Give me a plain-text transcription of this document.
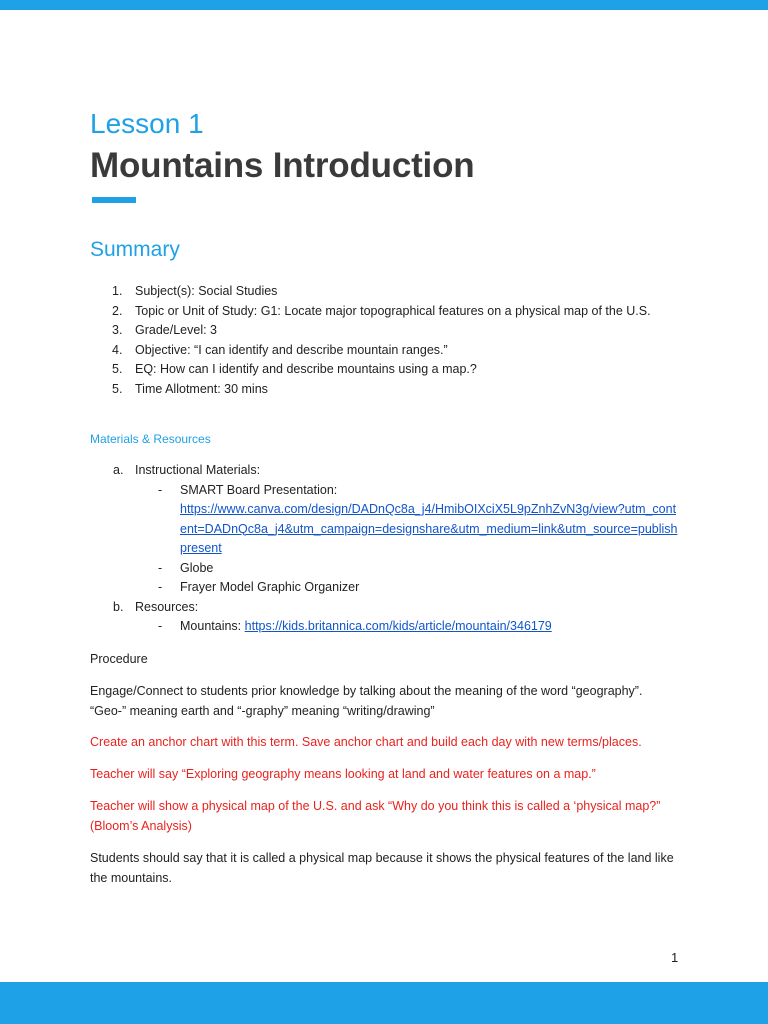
Lesson 1
Mountains Introduction
Summary
1. Subject(s): Social Studies
2. Topic or Unit of Study: G1: Locate major topographical features on a physical map of the U.S.
3. Grade/Level: 3
4. Objective: “I can identify and describe mountain ranges.”
5. EQ: How can I identify and describe mountains using a map.?
5. Time Allotment: 30 mins
Materials & Resources
a. Instructional Materials:
- SMART Board Presentation:
https://www.canva.com/design/DADnQc8a_j4/HmibOIXciX5L9pZnhZvN3g/view?utm_content=DADnQc8a_j4&utm_campaign=designshare&utm_medium=link&utm_source=publishpresent
- Globe
- Frayer Model Graphic Organizer
b. Resources:
- Mountains: https://kids.britannica.com/kids/article/mountain/346179
Procedure
Engage/Connect to students prior knowledge by talking about the meaning of the word “geography”. “Geo-” meaning earth and “-graphy” meaning “writing/drawing”
Create an anchor chart with this term. Save anchor chart and build each day with new terms/places.
Teacher will say “Exploring geography means looking at land and water features on a map.”
Teacher will show a physical map of the U.S. and ask “Why do you think this is called a ‘physical map?” (Bloom’s Analysis)
Students should say that it is called a physical map because it shows the physical features of the land like the mountains.
1
